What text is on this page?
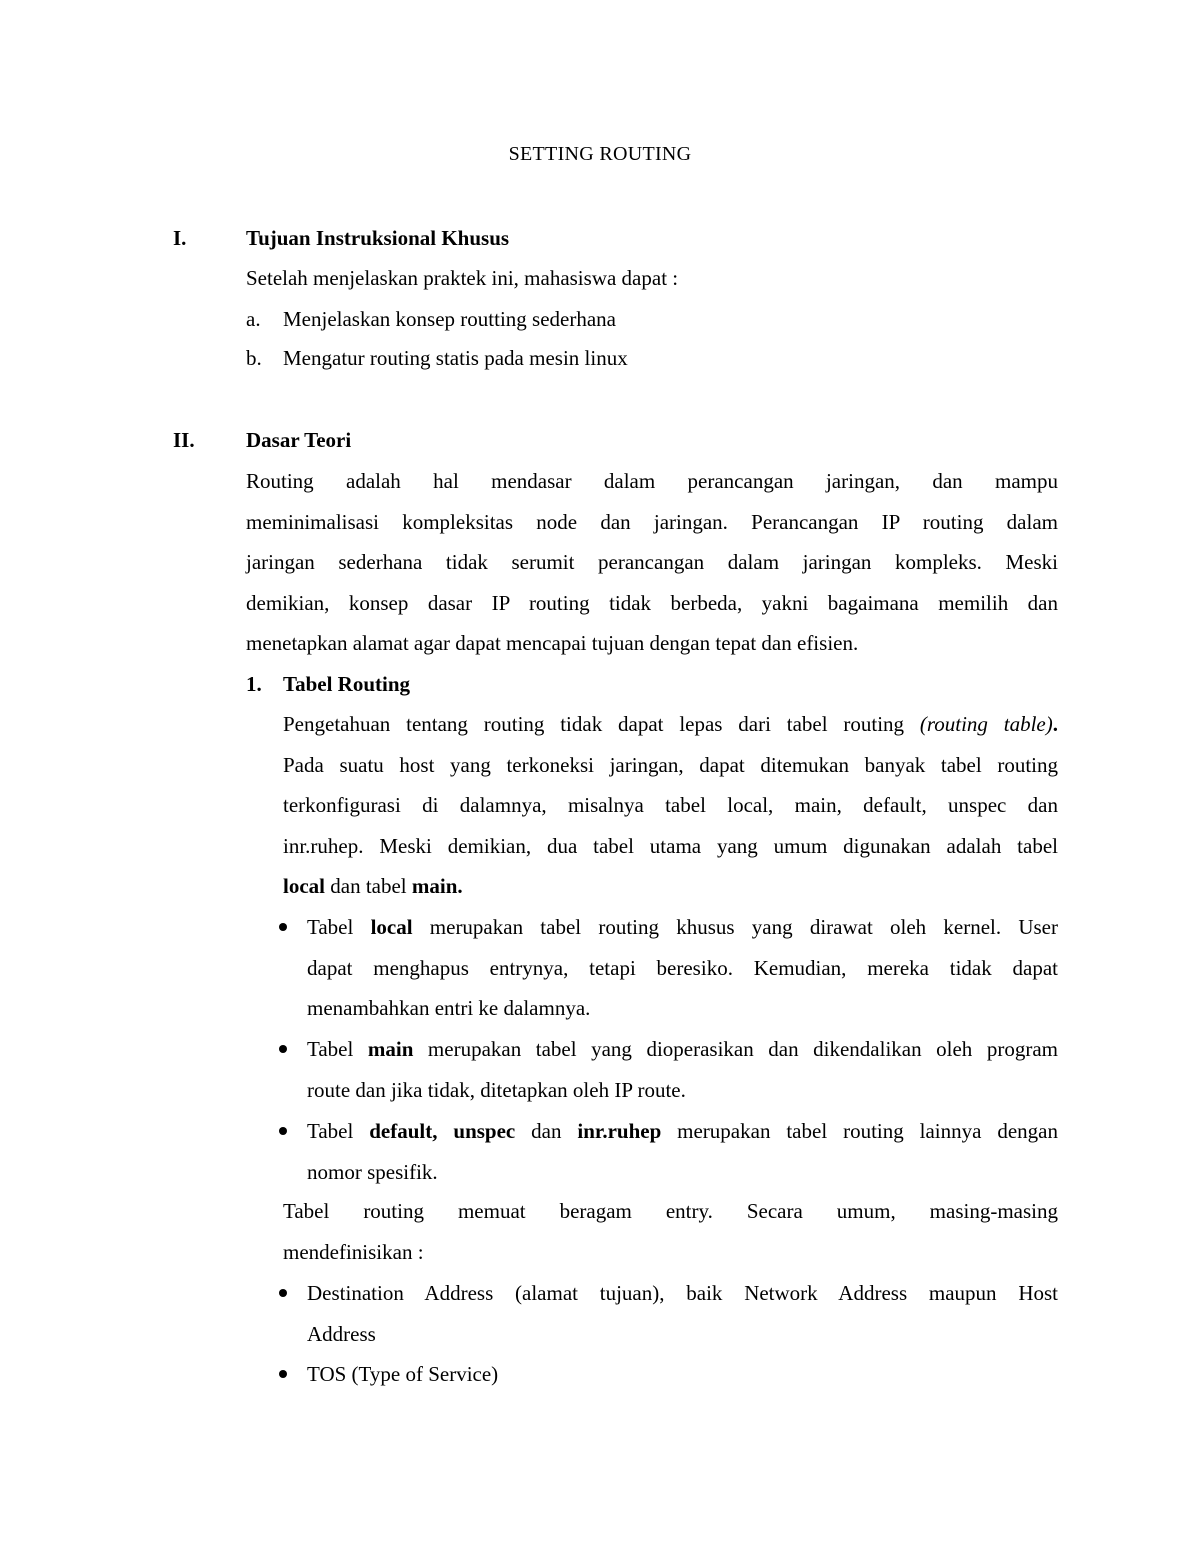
SETTING ROUTING
I.	Tujuan Instruksional Khusus
Setelah menjelaskan praktek ini, mahasiswa dapat :
a. Menjelaskan konsep routting sederhana
b. Mengatur routing statis pada mesin linux
II. Dasar Teori
Routing adalah hal mendasar dalam perancangan jaringan, dan mampu
meminimalisasi kompleksitas node dan jaringan. Perancangan IP routing dalam
jaringan sederhana tidak serumit perancangan dalam jaringan kompleks. Meski
demikian, konsep dasar IP routing tidak berbeda, yakni bagaimana memilih dan
menetapkan alamat agar dapat mencapai tujuan dengan tepat dan efisien.
1. Tabel Routing
Pengetahuan tentang routing tidak dapat lepas dari tabel routing (routing table).
Pada suatu host yang terkoneksi jaringan, dapat ditemukan banyak tabel routing
terkonfigurasi di dalamnya, misalnya tabel local, main, default, unspec dan
inr.ruhep. Meski demikian, dua tabel utama yang umum digunakan adalah tabel
local dan tabel main.
Tabel local merupakan tabel routing khusus yang dirawat oleh kernel. User
dapat menghapus entrynya, tetapi beresiko. Kemudian, mereka tidak dapat
menambahkan entri ke dalamnya.
Tabel main merupakan tabel yang dioperasikan dan dikendalikan oleh program
route dan jika tidak, ditetapkan oleh IP route.
Tabel default, unspec dan inr.ruhep merupakan tabel routing lainnya dengan
nomor spesifik.
Tabel routing memuat beragam entry. Secara umum, masing-masing
mendefinisikan :
Destination Address (alamat tujuan), baik Network Address maupun Host
Address
TOS (Type of Service)
